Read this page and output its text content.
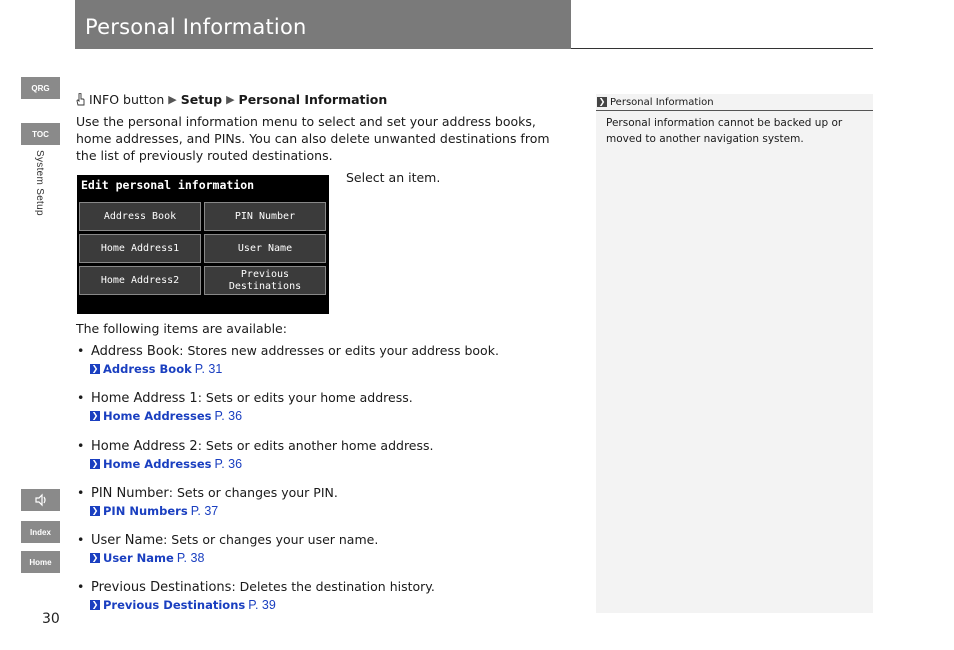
Personal Information
QRG
TOC
System Setup
Index
Home
30
INFO button ▶ Setup ▶ Personal Information
Use the personal information menu to select and set your address books, home addresses, and PINs. You can also delete unwanted destinations from the list of previously routed destinations.
Edit personal information
Address Book	PIN Number
Home Address1	User Name
Home Address2
Previous Destinations
Select an item.
The following items are available:
• Address Book: Stores new addresses or edits your address book.
❯ Address Book P. 31
• Home Address 1: Sets or edits your home address.
❯ Home Addresses P. 36
• Home Address 2: Sets or edits another home address.
❯ Home Addresses P. 36
• PIN Number: Sets or changes your PIN.
❯ PIN Numbers P. 37
• User Name: Sets or changes your user name.
❯ User Name P. 38
• Previous Destinations: Deletes the destination history.
❯ Previous Destinations P. 39
❯ Personal Information
Personal information cannot be backed up or moved to another navigation system.
